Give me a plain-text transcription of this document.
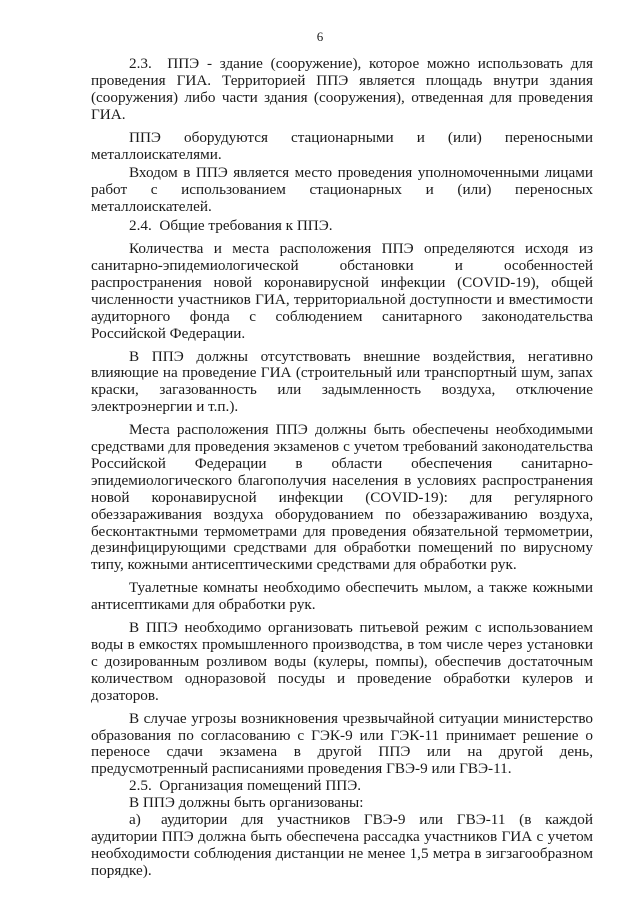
6

2.3.  ППЭ - здание (сооружение), которое можно использовать для проведения ГИА. Территорией ППЭ является площадь внутри здания (сооружения) либо части здания (сооружения), отведенная для проведения ГИА.

ППЭ оборудуются стационарными и (или) переносными металлоискателями.

Входом в ППЭ является место проведения уполномоченными лицами работ с использованием стационарных и (или) переносных металлоискателей.

2.4.  Общие требования к ППЭ.

Количества и места расположения ППЭ определяются исходя из санитарно-эпидемиологической обстановки и особенностей распространения новой коронавирусной инфекции (COVID-19), общей численности участников ГИА, территориальной доступности и вместимости аудиторного фонда с соблюдением санитарного законодательства Российской Федерации.

В ППЭ должны отсутствовать внешние воздействия, негативно влияющие на проведение ГИА (строительный или транспортный шум, запах краски, загазованность или задымленность воздуха, отключение электроэнергии и т.п.).

Места расположения ППЭ должны быть обеспечены необходимыми средствами для проведения экзаменов с учетом требований законодательства Российской Федерации в области обеспечения санитарно-эпидемиологического благополучия населения в условиях распространения новой коронавирусной инфекции (COVID-19): для регулярного обеззараживания воздуха оборудованием по обеззараживанию воздуха, бесконтактными термометрами для проведения обязательной термометрии, дезинфицирующими средствами для обработки помещений по вирусному типу, кожными антисептическими средствами для обработки рук.

Туалетные комнаты необходимо обеспечить мылом, а также кожными антисептиками для обработки рук.

В ППЭ необходимо организовать питьевой режим с использованием воды в емкостях промышленного производства, в том числе через установки с дозированным розливом воды (кулеры, помпы), обеспечив достаточным количеством одноразовой посуды и проведение обработки кулеров и дозаторов.

В случае угрозы возникновения чрезвычайной ситуации министерство образования по согласованию с ГЭК-9 или ГЭК-11 принимает решение о переносе сдачи экзамена в другой ППЭ или на другой день, предусмотренный расписаниями проведения ГВЭ-9 или ГВЭ-11.

2.5.  Организация помещений ППЭ.

В ППЭ должны быть организованы:

а) аудитории для участников ГВЭ-9 или ГВЭ-11 (в каждой аудитории ППЭ должна быть обеспечена рассадка участников ГИА с учетом необходимости соблюдения дистанции не менее 1,5 метра в зигзагообразном порядке).
